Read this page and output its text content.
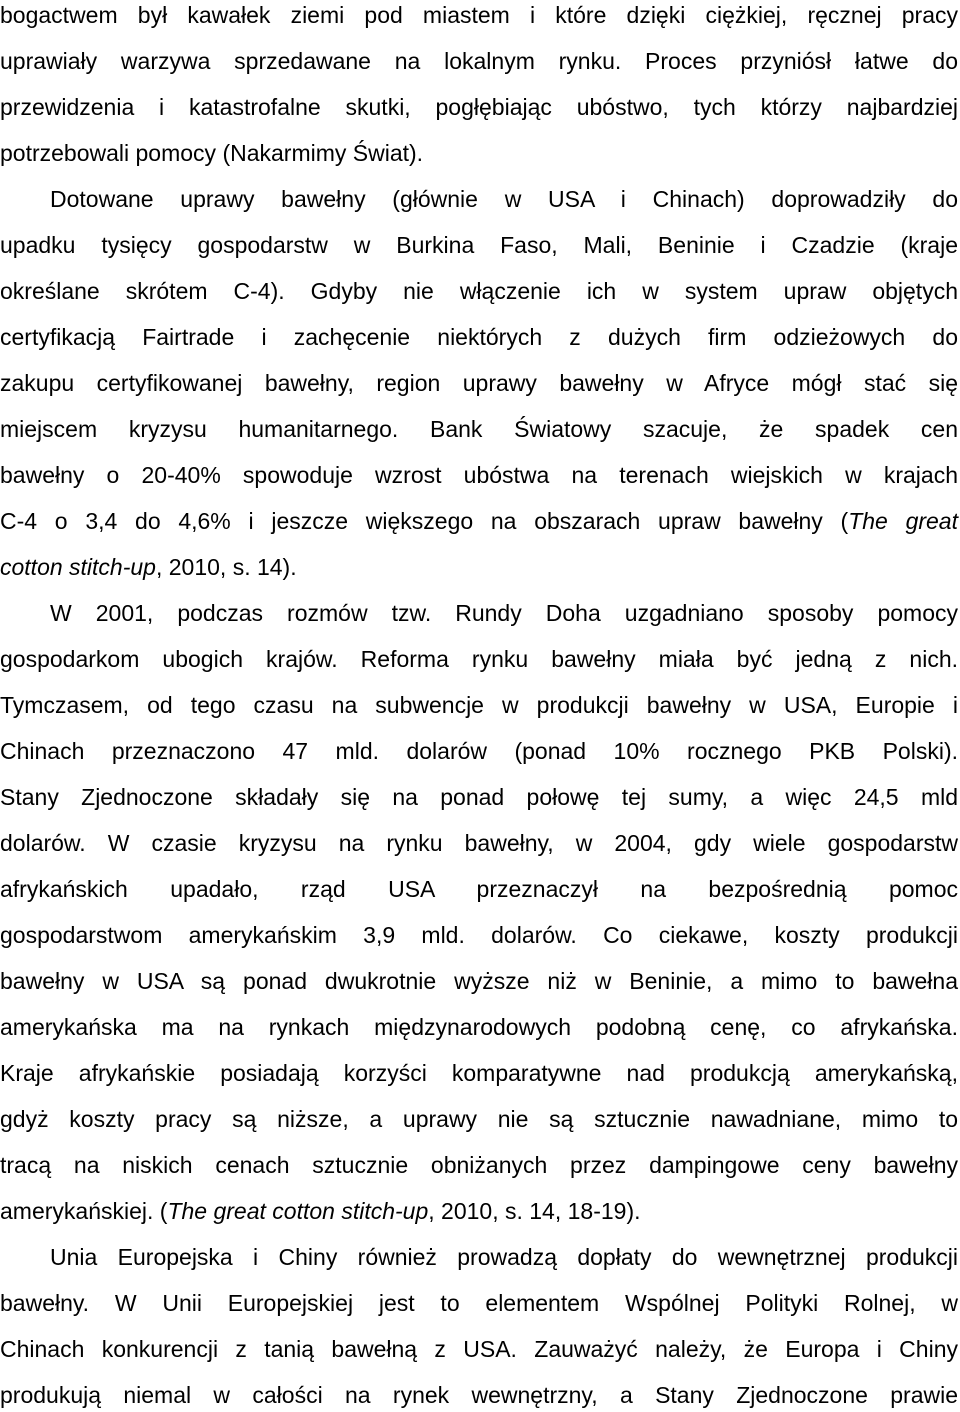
bogactwem był kawałek ziemi pod miastem i które dzięki ciężkiej, ręcznej pracy
uprawiały warzywa sprzedawane na lokalnym rynku. Proces przyniósł łatwe do
przewidzenia i katastrofalne skutki, pogłębiając ubóstwo, tych którzy najbardziej
potrzebowali pomocy (Nakarmimy Świat).
Dotowane uprawy bawełny (głównie w USA i Chinach) doprowadziły do
upadku tysięcy gospodarstw w Burkina Faso, Mali, Beninie i Czadzie (kraje
określane skrótem C-4). Gdyby nie włączenie ich w system upraw objętych
certyfikacją Fairtrade i zachęcenie niektórych z dużych firm odzieżowych do
zakupu certyfikowanej bawełny, region uprawy bawełny w Afryce mógł stać się
miejscem kryzysu humanitarnego. Bank Światowy szacuje, że spadek cen
bawełny o 20-40% spowoduje wzrost ubóstwa na terenach wiejskich w krajach
C-4 o 3,4 do 4,6% i jeszcze większego na obszarach upraw bawełny (The great
cotton stitch-up, 2010, s. 14).
W 2001, podczas rozmów tzw. Rundy Doha uzgadniano sposoby pomocy
gospodarkom ubogich krajów. Reforma rynku bawełny miała być jedną z nich.
Tymczasem, od tego czasu na subwencje w produkcji bawełny w USA, Europie i
Chinach przeznaczono 47 mld. dolarów (ponad 10% rocznego PKB Polski).
Stany Zjednoczone składały się na ponad połowę tej sumy, a więc 24,5 mld
dolarów. W czasie kryzysu na rynku bawełny, w 2004, gdy wiele gospodarstw
afrykańskich upadało, rząd USA przeznaczył na bezpośrednią pomoc
gospodarstwom amerykańskim 3,9 mld. dolarów. Co ciekawe, koszty produkcji
bawełny w USA są ponad dwukrotnie wyższe niż w Beninie, a mimo to bawełna
amerykańska ma na rynkach międzynarodowych podobną cenę, co afrykańska.
Kraje afrykańskie posiadają korzyści komparatywne nad produkcją amerykańską,
gdyż koszty pracy są niższe, a uprawy nie są sztucznie nawadniane, mimo to
tracą na niskich cenach sztucznie obniżanych przez dampingowe ceny bawełny
amerykańskiej. (The great cotton stitch-up, 2010, s. 14, 18-19).
Unia Europejska i Chiny również prowadzą dopłaty do wewnętrznej produkcji
bawełny. W Unii Europejskiej jest to elementem Wspólnej Polityki Rolnej, w
Chinach konkurencji z tanią bawełną z USA. Zauważyć należy, że Europa i Chiny
produkują niemal w całości na rynek wewnętrzny, a Stany Zjednoczone prawie
